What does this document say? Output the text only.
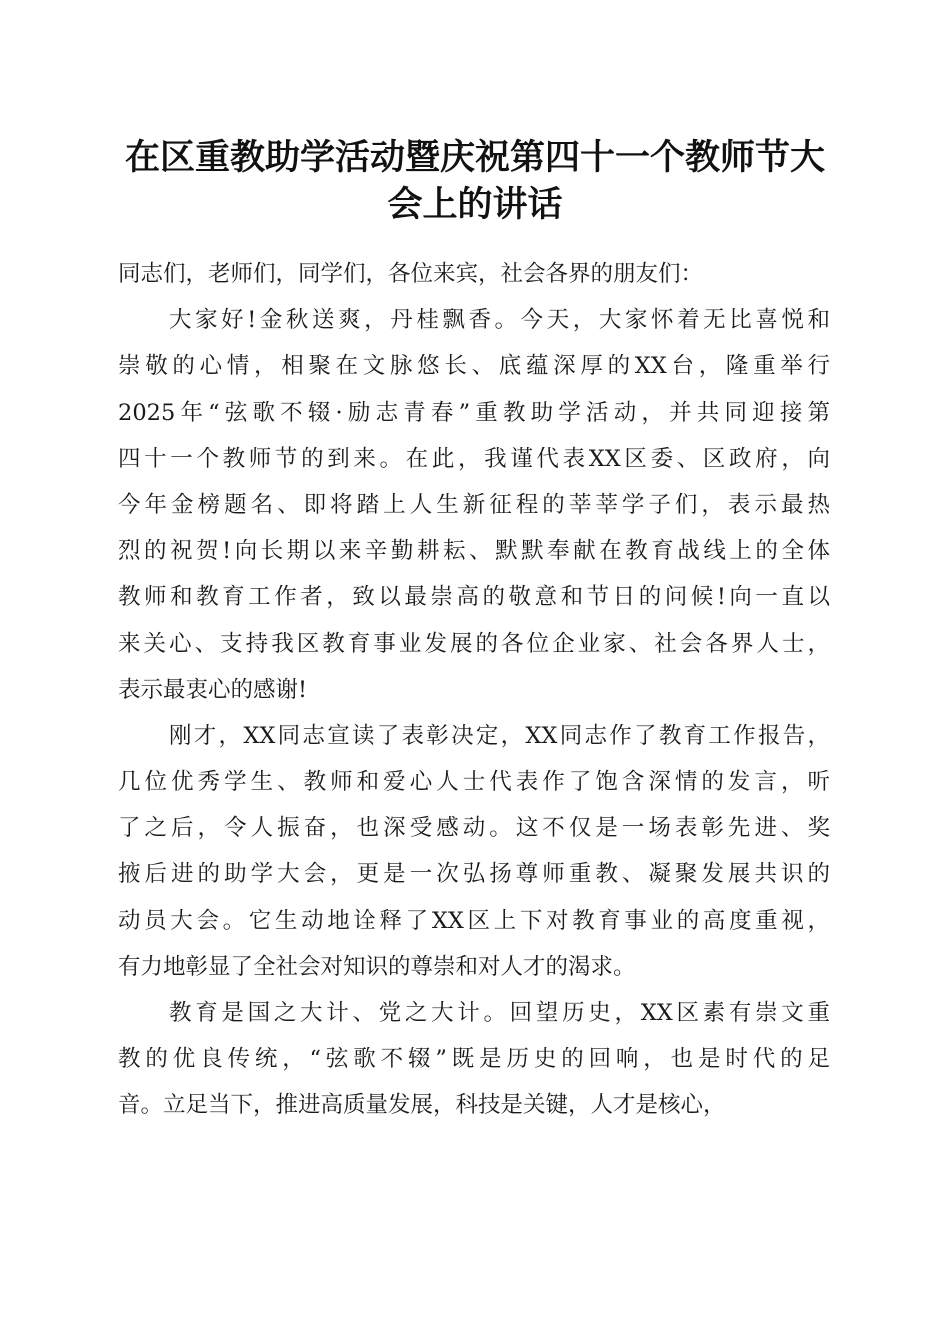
在区重教助学活动暨庆祝第四十一个教师节大
会上的讲话
同志们，老师们，同学们，各位来宾，社会各界的朋友们：
大家好!金秋送爽，丹桂飘香。今天，大家怀着无比喜悦和
崇敬的心情，相聚在文脉悠长、底蕴深厚的XX台，隆重举行
2025年“弦歌不辍·励志青春”重教助学活动，并共同迎接第
四十一个教师节的到来。在此，我谨代表XX区委、区政府，向
今年金榜题名、即将踏上人生新征程的莘莘学子们，表示最热
烈的祝贺!向长期以来辛勤耕耘、默默奉献在教育战线上的全体
教师和教育工作者，致以最崇高的敬意和节日的问候!向一直以
来关心、支持我区教育事业发展的各位企业家、社会各界人士，
表示最衷心的感谢!
刚才，XX同志宣读了表彰决定，XX同志作了教育工作报告，
几位优秀学生、教师和爱心人士代表作了饱含深情的发言，听
了之后，令人振奋，也深受感动。这不仅是一场表彰先进、奖
掖后进的助学大会，更是一次弘扬尊师重教、凝聚发展共识的
动员大会。它生动地诠释了XX区上下对教育事业的高度重视，
有力地彰显了全社会对知识的尊崇和对人才的渴求。
教育是国之大计、党之大计。回望历史，XX区素有崇文重
教的优良传统，“弦歌不辍”既是历史的回响，也是时代的足
音。立足当下，推进高质量发展，科技是关键，人才是核心，
